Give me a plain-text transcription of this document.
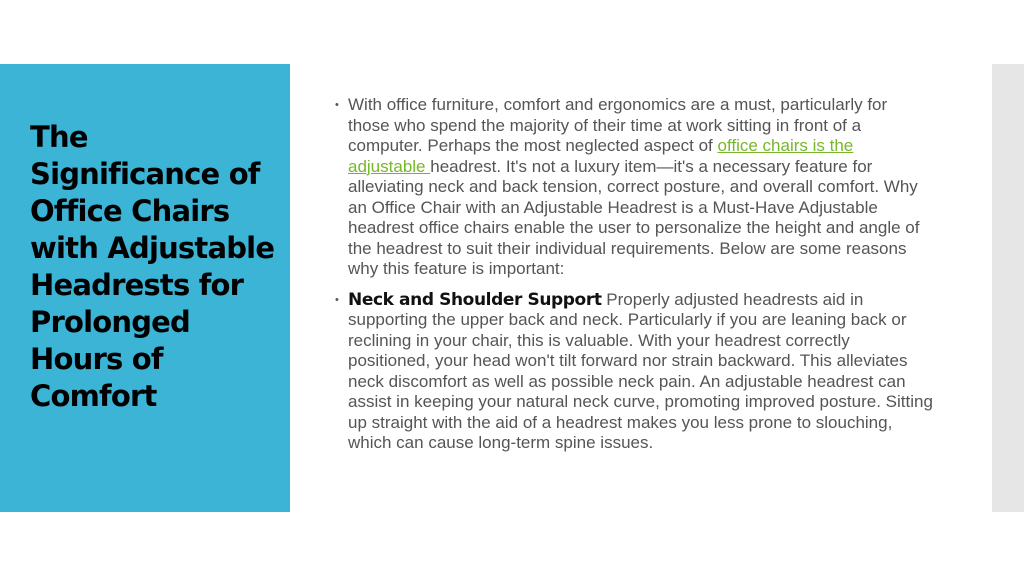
The Significance of Office Chairs with Adjustable Headrests for Prolonged Hours of Comfort
• With office furniture, comfort and ergonomics are a must, particularly for those who spend the majority of their time at work sitting in front of a computer. Perhaps the most neglected aspect of office chairs is the adjustable headrest. It's not a luxury item—it's a necessary feature for alleviating neck and back tension, correct posture, and overall comfort. Why an Office Chair with an Adjustable Headrest is a Must-Have Adjustable headrest office chairs enable the user to personalize the height and angle of the headrest to suit their individual requirements. Below are some reasons why this feature is important:
• Neck and Shoulder Support Properly adjusted headrests aid in supporting the upper back and neck. Particularly if you are leaning back or reclining in your chair, this is valuable. With your headrest correctly positioned, your head won't tilt forward nor strain backward. This alleviates neck discomfort as well as possible neck pain. An adjustable headrest can assist in keeping your natural neck curve, promoting improved posture. Sitting up straight with the aid of a headrest makes you less prone to slouching, which can cause long-term spine issues.
